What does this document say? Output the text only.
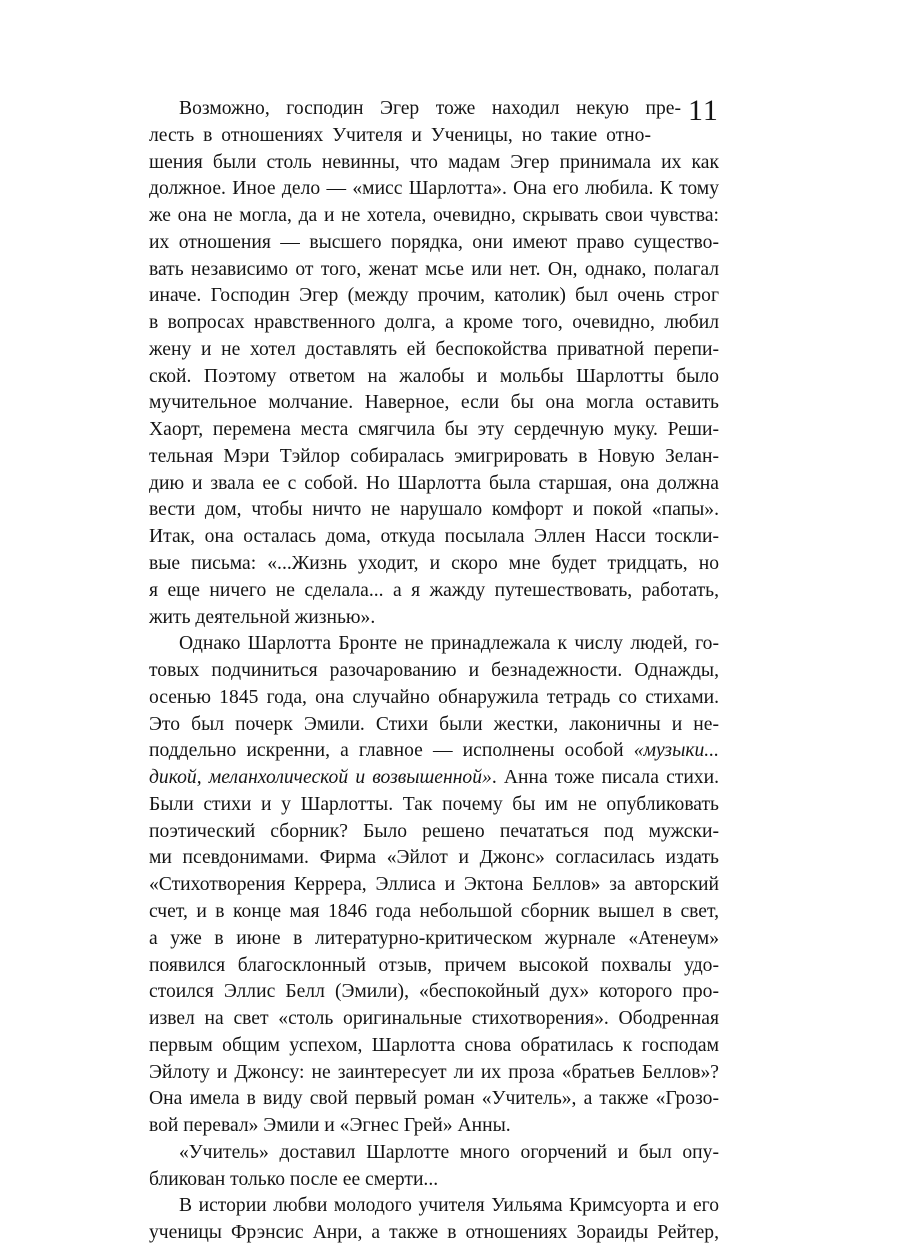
11
Возможно, господин Эгер тоже находил некую пре-
лесть в отношениях Учителя и Ученицы, но такие отно-
шения были столь невинны, что мадам Эгер принимала их как
должное. Иное дело — «мисс Шарлотта». Она его любила. К тому
же она не могла, да и не хотела, очевидно, скрывать свои чувства:
их отношения — высшего порядка, они имеют право существо-
вать независимо от того, женат мсье или нет. Он, однако, полагал
иначе. Господин Эгер (между прочим, католик) был очень строг
в вопросах нравственного долга, а кроме того, очевидно, любил
жену и не хотел доставлять ей беспокойства приватной перепи-
ской. Поэтому ответом на жалобы и мольбы Шарлотты было
мучительное молчание. Наверное, если бы она могла оставить
Хаорт, перемена места смягчила бы эту сердечную муку. Реши-
тельная Мэри Тэйлор собиралась эмигрировать в Новую Зелан-
дию и звала ее с собой. Но Шарлотта была старшая, она должна
вести дом, чтобы ничто не нарушало комфорт и покой «папы».
Итак, она осталась дома, откуда посылала Эллен Насси тоскли-
вые письма: «...Жизнь уходит, и скоро мне будет тридцать, но
я еще ничего не сделала... а я жажду путешествовать, работать,
жить деятельной жизнью».
Однако Шарлотта Бронте не принадлежала к числу людей, го-
товых подчиниться разочарованию и безнадежности. Однажды,
осенью 1845 года, она случайно обнаружила тетрадь со стихами.
Это был почерк Эмили. Стихи были жестки, лаконичны и не-
поддельно искренни, а главное — исполнены особой «музыки...
дикой, меланхолической и возвышенной». Анна тоже писала стихи.
Были стихи и у Шарлотты. Так почему бы им не опубликовать
поэтический сборник? Было решено печататься под мужски-
ми псевдонимами. Фирма «Эйлот и Джонс» согласилась издать
«Стихотворения Керрера, Эллиса и Эктона Беллов» за авторский
счет, и в конце мая 1846 года небольшой сборник вышел в свет,
а уже в июне в литературно-критическом журнале «Атенеум»
появился благосклонный отзыв, причем высокой похвалы удо-
стоился Эллис Белл (Эмили), «беспокойный дух» которого про-
извел на свет «столь оригинальные стихотворения». Ободренная
первым общим успехом, Шарлотта снова обратилась к господам
Эйлоту и Джонсу: не заинтересует ли их проза «братьев Беллов»?
Она имела в виду свой первый роман «Учитель», а также «Грозо-
вой перевал» Эмили и «Эгнес Грей» Анны.
«Учитель» доставил Шарлотте много огорчений и был опу-
бликован только после ее смерти...
В истории любви молодого учителя Уильяма Кримсуорта и его
ученицы Фрэнсис Анри, а также в отношениях Зораиды Рейтер,
